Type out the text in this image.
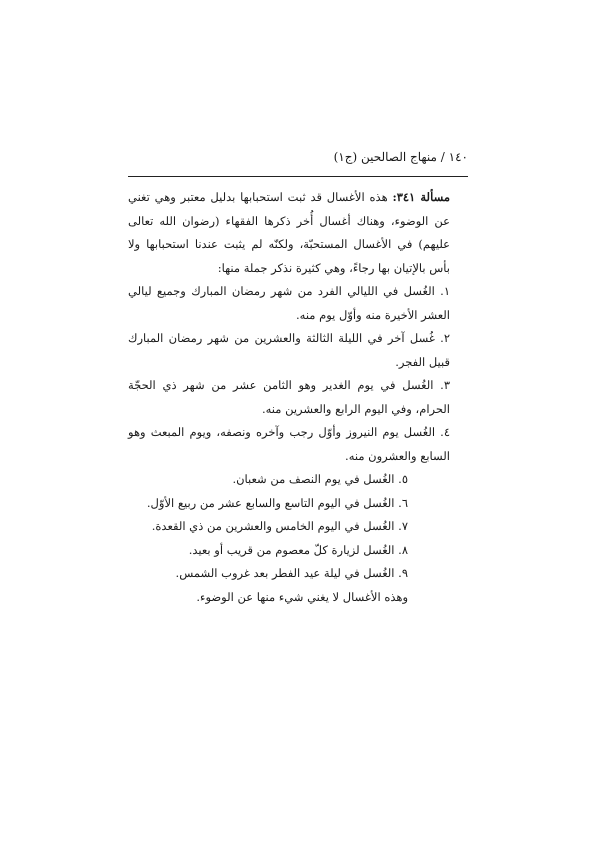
١٤٠ / منهاج الصالحين (ج١)

مسألة ٣٤١: هذه الأغسال قد ثبت استحبابها بدليل معتبر وهي تغني عن الوضوء، وهناك أغسال أُخر ذكرها الفقهاء (رضوان الله تعالى عليهم) في الأغسال المستحبّة، ولكنّه لم يثبت عندنا استحبابها ولا بأس بالإتيان بها رجاءً، وهي كثيرة نذكر جملة منها:

١. الغُسل في الليالي الفرد من شهر رمضان المبارك وجميع ليالي العشر الأخيرة منه وأوّل يوم منه.

٢. غُسل آخر في الليلة الثالثة والعشرين من شهر رمضان المبارك قبيل الفجر.

٣. الغُسل في يوم الغدير وهو الثامن عشر من شهر ذي الحجّة الحرام، وفي اليوم الرابع والعشرين منه.

٤. الغُسل يوم النيروز وأوّل رجب وآخره ونصفه، ويوم المبعث وهو السابع والعشرون منه.

٥. الغُسل في يوم النصف من شعبان.

٦. الغُسل في اليوم التاسع والسابع عشر من ربيع الأوّل.

٧. الغُسل في اليوم الخامس والعشرين من ذي القعدة.

٨. الغُسل لزيارة كلّ معصوم من قريب أو بعيد.

٩. الغُسل في ليلة عيد الفطر بعد غروب الشمس.

وهذه الأغسال لا يغني شيء منها عن الوضوء.
